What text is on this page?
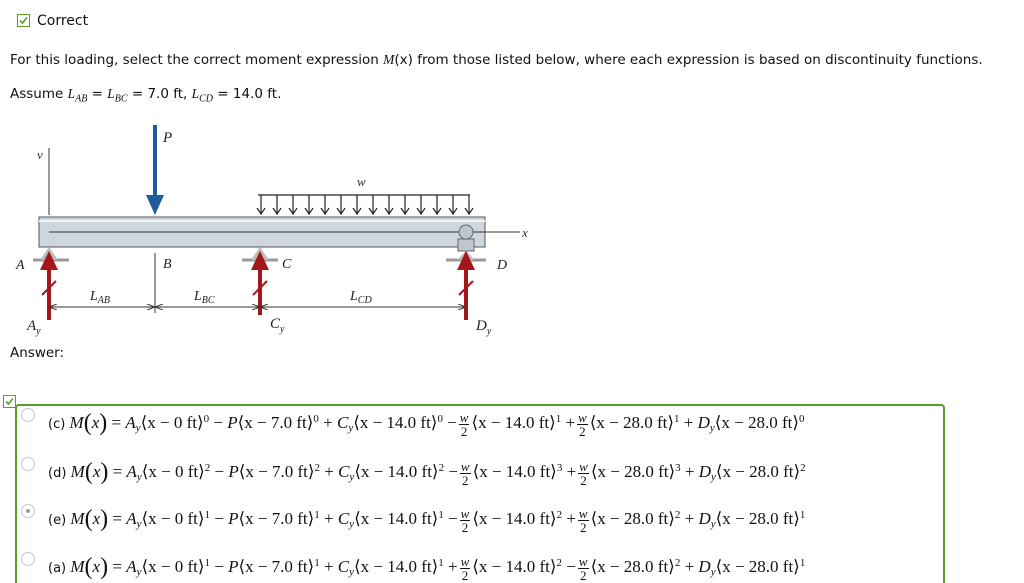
Correct
For this loading, select the correct moment expression M(x) from those listed below, where each expression is based on discontinuity functions.
Assume $L_{AB} = L_{BC} = 7.0$ ft, $L_{CD} = 14.0$ ft.
v
P
w
x
A	B	C	D
$L_{AB}$	$L_{BC}$	$L_{CD}$
$A_y$	$C_y$	$D_y$
Answer:
(c) $M(x) = A_y⟨x - 0$ ft⟩$^0$ − P⟨x − 7.0 ft⟩$^0$ + $C_y⟨x - 14.0$ ft⟩$^0$ − $\frac{w}{2}$ ⟨x − 14.0 ft⟩$^1$ + $\frac{w}{2}$ ⟨x − 28.0 ft⟩$^1$ + $D_y⟨x - 28.0$ ft⟩$^0$
(d) $M(x) = A_y⟨x - 0$ ft⟩$^2$ − P⟨x − 7.0 ft⟩$^2$ + $C_y⟨x - 14.0$ ft⟩$^2$ − $\frac{w}{2}$ ⟨x − 14.0 ft⟩$^3$ + $\frac{w}{2}$ ⟨x − 28.0 ft⟩$^3$ + $D_y⟨x - 28.0$ ft⟩$^2$
(e) $M(x) = A_y⟨x - 0$ ft⟩$^1$ − P⟨x − 7.0 ft⟩$^1$ + $C_y⟨x - 14.0$ ft⟩$^1$ − $\frac{w}{2}$ ⟨x − 14.0 ft⟩$^2$ + $\frac{w}{2}$ ⟨x − 28.0 ft⟩$^2$ + $D_y⟨x - 28.0$ ft⟩$^1$
(a) $M(x) = A_y⟨x - 0$ ft⟩$^1$ − P⟨x − 7.0 ft⟩$^1$ + $C_y⟨x - 14.0$ ft⟩$^1$ + $\frac{w}{2}$ ⟨x − 14.0 ft⟩$^2$ − $\frac{w}{2}$ ⟨x − 28.0 ft⟩$^2$ + $D_y⟨x - 28.0$ ft⟩$^1$
